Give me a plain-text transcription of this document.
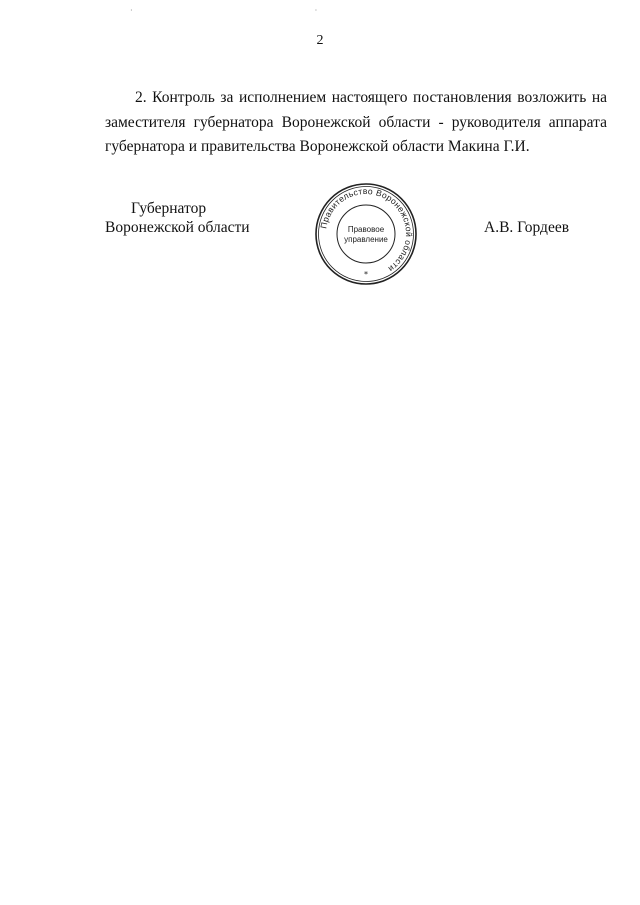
· ·
2
2. Контроль за исполнением настоящего постановления возложить на заместителя губернатора Воронежской области - руководителя аппарата губернатора и правительства Воронежской области Макина Г.И.
Губернатор
Воронежской области	Правительство Воронежской области
Правовое
управление
*
А.В. Гордеев
